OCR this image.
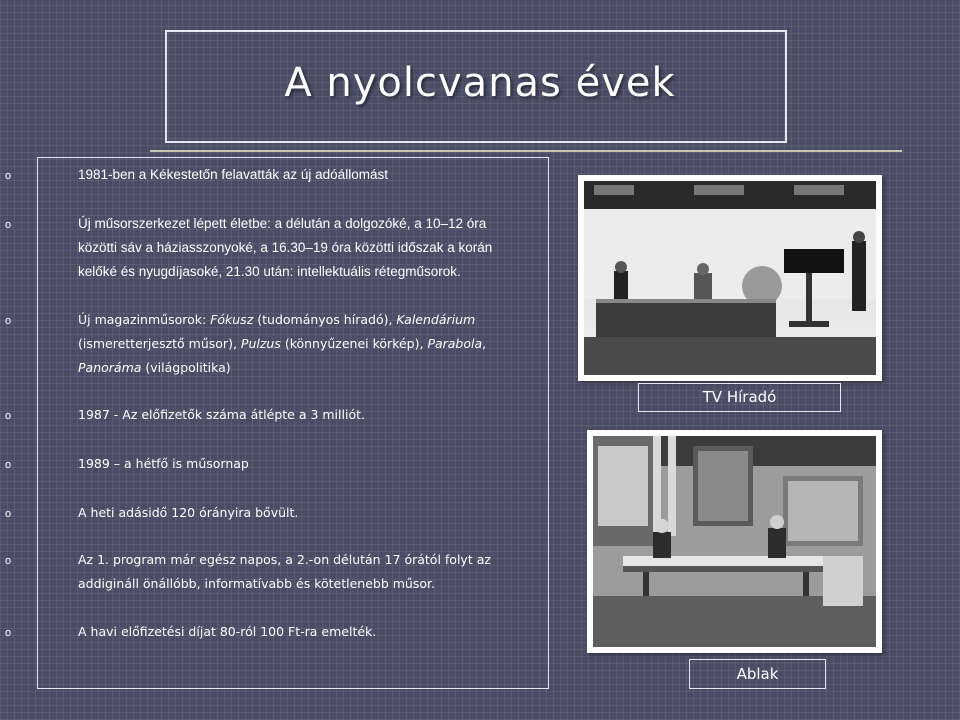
A nyolcvanas évek
o	1981-ben a Kékestetőn felavatták az új adóállomást
o	Új műsorszerkezet lépett életbe: a délután a dolgozóké, a 10–12 óra közötti sáv a háziasszonyoké, a 16.30–19 óra közötti időszak a korán kelőké és nyugdíjasoké, 21.30 után: intellektuális rétegműsorok.
o	Új magazinműsorok: Fókusz (tudományos híradó), Kalendárium (ismeretterjesztő műsor), Pulzus (könnyűzenei körkép), Parabola, Panoráma (világpolitika)
o	1987 - Az előfizetők száma átlépte a 3 milliót.
o	1989 – a hétfő is műsornap
o	A heti adásidő 120 órányira bővült.
o	Az 1. program már egész napos, a 2.-on délután 17 órától folyt az addigináll önállóbb, informatívabb és kötetlenebb műsor.
o	A havi előfizetési díjat 80-ról 100 Ft-ra emelték.
TV Híradó
Ablak
